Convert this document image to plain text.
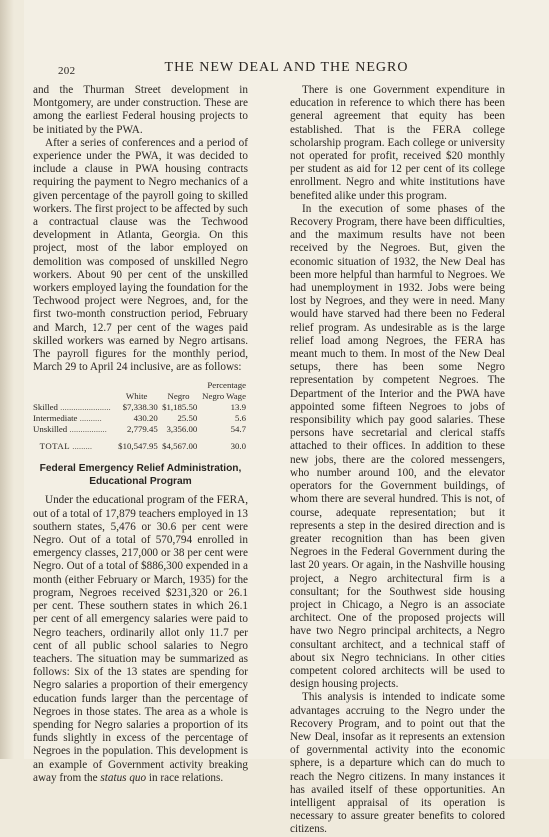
202	THE NEW DEAL AND THE NEGRO

and the Thurman Street development in Montgomery, are under construction. These are among the earliest Federal housing projects to be initiated by the PWA.

After a series of conferences and a period of experience under the PWA, it was decided to include a clause in PWA housing contracts requiring the payment to Negro mechanics of a given percentage of the payroll going to skilled workers. The first project to be affected by such a contractual clause was the Techwood development in Atlanta, Georgia. On this project, most of the labor employed on demolition was composed of unskilled Negro workers. About 90 per cent of the unskilled workers employed laying the foundation for the Techwood project were Negroes, and, for the first two-month construction period, February and March, 12.7 per cent of the wages paid skilled workers was earned by Negro artisans. The payroll figures for the monthly period, March 29 to April 24 inclusive, are as follows:

			Percentage
	White	Negro	Negro Wage
Skilled .......................	$7,338.30	$1,185.50	13.9
Intermediate ..........	430.20	25.50	5.6
Unskilled .................	2,779.45	3,356.00	54.7
TOTAL .........	$10,547.95	$4,567.00	30.0
Federal Emergency Relief Administration,
Educational Program

Under the educational program of the FERA, out of a total of 17,879 teachers employed in 13 southern states, 5,476 or 30.6 per cent were Negro. Out of a total of 570,794 enrolled in emergency classes, 217,000 or 38 per cent were Negro. Out of a total of $886,300 expended in a month (either February or March, 1935) for the program, Negroes received $231,320 or 26.1 per cent. These southern states in which 26.1 per cent of all emergency salaries were paid to Negro teachers, ordinarily allot only 11.7 per cent of all public school salaries to Negro teachers. The situation may be summarized as follows: Six of the 13 states are spending for Negro salaries a proportion of their emergency education funds larger than the percentage of Negroes in those states. The area as a whole is spending for Negro salaries a proportion of its funds slightly in excess of the percentage of Negroes in the population. This development is an example of Government activity breaking away from the status quo in race relations.

There is one Government expenditure in education in reference to which there has been general agreement that equity has been established. That is the FERA college scholarship program. Each college or university not operated for profit, received $20 monthly per student as aid for 12 per cent of its college enrollment. Negro and white institutions have benefited alike under this program.

In the execution of some phases of the Recovery Program, there have been difficulties, and the maximum results have not been received by the Negroes. But, given the economic situation of 1932, the New Deal has been more helpful than harmful to Negroes. We had unemployment in 1932. Jobs were being lost by Negroes, and they were in need. Many would have starved had there been no Federal relief program. As undesirable as is the large relief load among Negroes, the FERA has meant much to them. In most of the New Deal setups, there has been some Negro representation by competent Negroes. The Department of the Interior and the PWA have appointed some fifteen Negroes to jobs of responsibility which pay good salaries. These persons have secretarial and clerical staffs attached to their offices. In addition to these new jobs, there are the colored messengers, who number around 100, and the elevator operators for the Government buildings, of whom there are several hundred. This is not, of course, adequate representation; but it represents a step in the desired direction and is greater recognition than has been given Negroes in the Federal Government during the last 20 years. Or again, in the Nashville housing project, a Negro architectural firm is a consultant; for the Southwest side housing project in Chicago, a Negro is an associate architect. One of the proposed projects will have two Negro principal architects, a Negro consultant architect, and a technical staff of about six Negro technicians. In other cities competent colored architects will be used to design housing projects.

This analysis is intended to indicate some advantages accruing to the Negro under the Recovery Program, and to point out that the New Deal, insofar as it represents an extension of governmental activity into the economic sphere, is a departure which can do much to reach the Negro citizens. In many instances it has availed itself of these opportunities. An intelligent appraisal of its operation is necessary to assure greater benefits to colored citizens.
